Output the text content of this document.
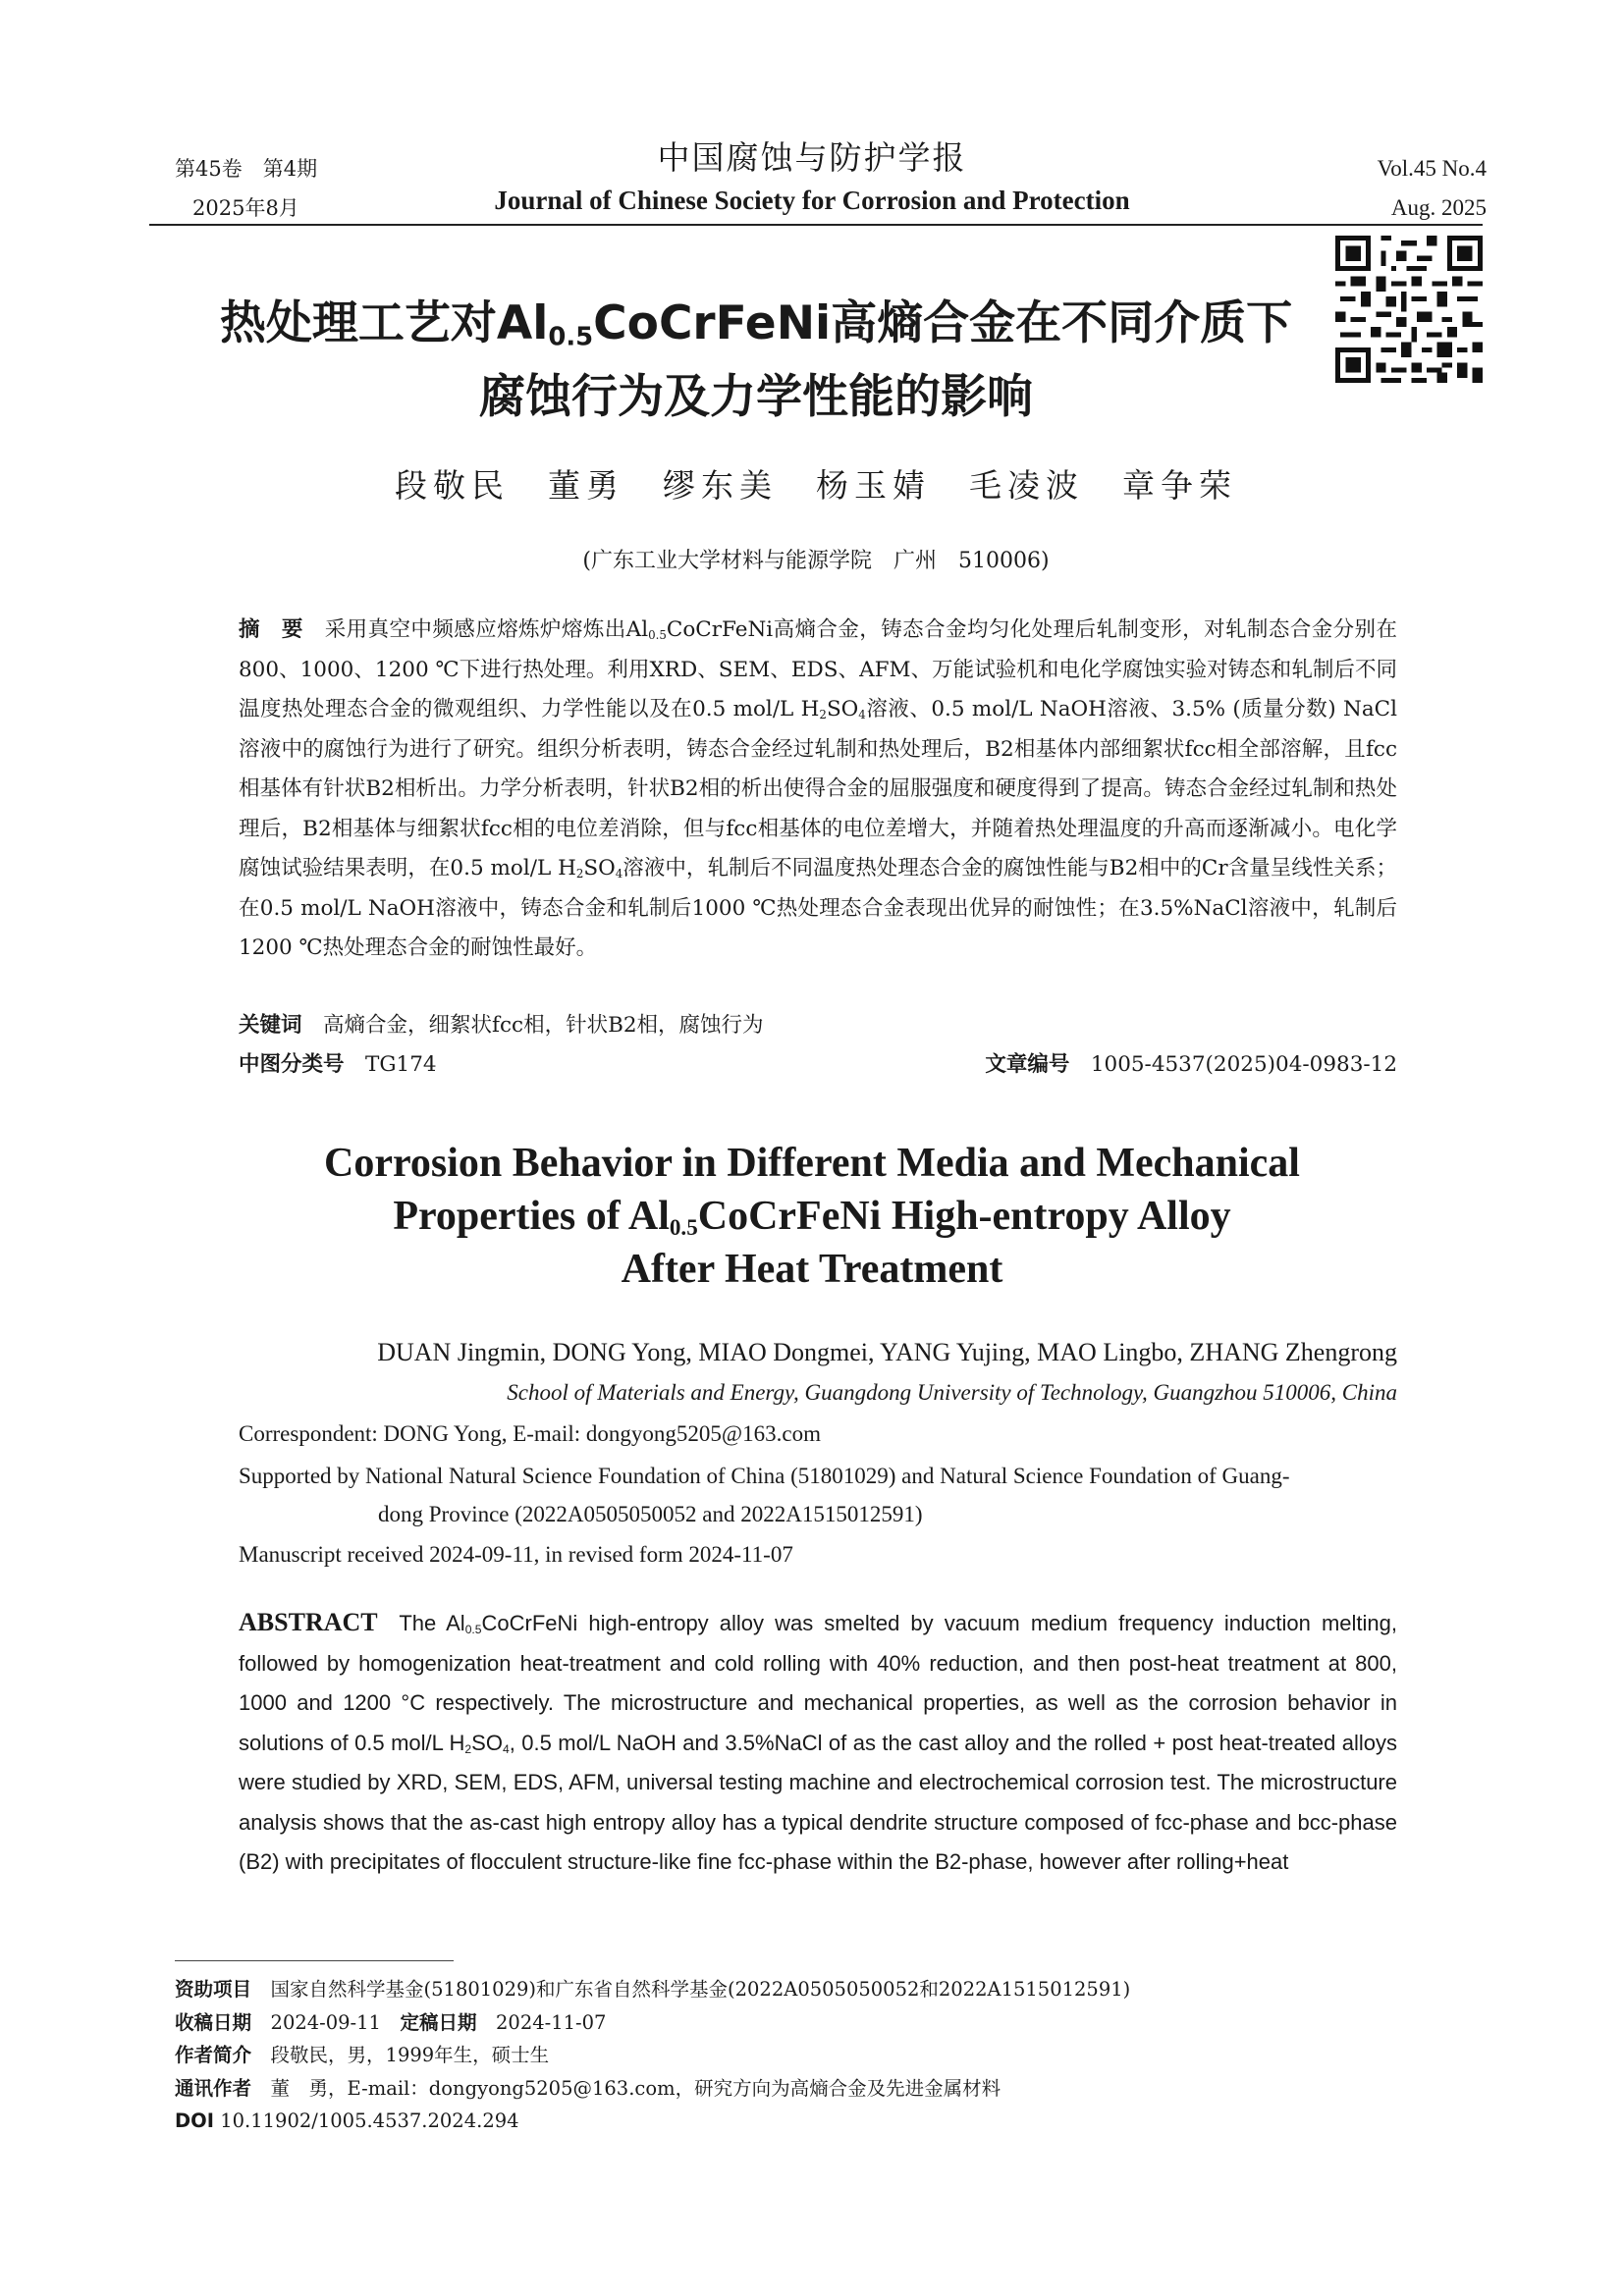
第45卷　第4期
2025年8月
中国腐蚀与防护学报
Journal of Chinese Society for Corrosion and Protection
Vol.45 No.4
Aug. 2025
热处理工艺对$Al_{0.5}CoCrFeNi$高熵合金在不同介质下
腐蚀行为及力学性能的影响
段敬民　董勇　缪东美　杨玉婧　毛凌波　章争荣
(广东工业大学材料与能源学院　广州　510006)

摘　要　 采用真空中频感应熔炼炉熔炼出$Al_{0.5}CoCrFeNi$高熵合金，铸态合金均匀化处理后轧制变形，对轧制态合金分别在800、1000、1200 ℃下进行热处理。利用XRD、SEM、EDS、AFM、万能试验机和电化学腐蚀实验对铸态和轧制后不同温度热处理态合金的微观组织、力学性能以及在0.5 mol/L $H_2SO_4$溶液、0.5 mol/L NaOH溶液、3.5% (质量分数) NaCl溶液中的腐蚀行为进行了研究。组织分析表明，铸态合金经过轧制和热处理后，B2相基体内部细絮状fcc相全部溶解，且fcc相基体有针状B2相析出。力学分析表明，针状B2相的析出使得合金的屈服强度和硬度得到了提高。铸态合金经过轧制和热处理后，B2相基体与细絮状fcc相的电位差消除，但与fcc相基体的电位差增大，并随着热处理温度的升高而逐渐减小。电化学腐蚀试验结果表明，在0.5 mol/L $H_2SO_4$溶液中，轧制后不同温度热处理态合金的腐蚀性能与B2相中的Cr含量呈线性关系；在0.5 mol/L NaOH溶液中，铸态合金和轧制后1000 ℃热处理态合金表现出优异的耐蚀性；在3.5%NaCl溶液中，轧制后1200 ℃热处理态合金的耐蚀性最好。

关键词　 高熵合金，细絮状fcc相，针状B2相，腐蚀行为
中图分类号　 TG174	文章编号　 1005-4537(2025)04-0983-12
Corrosion Behavior in Different Media and Mechanical
Properties of $Al_{0.5}CoCrFeNi$ High-entropy Alloy
After Heat Treatment
DUAN Jingmin, DONG Yong, MIAO Dongmei, YANG Yujing, MAO Lingbo, ZHANG Zhengrong
School of Materials and Energy, Guangdong University of Technology, Guangzhou 510006, China
Correspondent: DONG Yong, E-mail: dongyong5205@163.com
Supported by National Natural Science Foundation of China (51801029) and Natural Science Foundation of Guang-
dong Province (2022A0505050052 and 2022A1515012591)
Manuscript received 2024-09-11, in revised form 2024-11-07
ABSTRACT The $Al_{0.5}CoCrFeNi$ high-entropy alloy was smelted by vacuum medium frequency induction melting, followed by homogenization heat-treatment and cold rolling with 40% reduction, and then post-heat treatment at 800, 1000 and 1200 °C respectively. The microstructure and mechanical properties, as well as the corrosion behavior in solutions of 0.5 mol/L $H_2SO_4$, 0.5 mol/L NaOH and 3.5%NaCl of as the cast alloy and the rolled + post heat-treated alloys were studied by XRD, SEM, EDS, AFM, universal testing machine and electrochemical corrosion test. The microstructure analysis shows that the as-cast high entropy alloy has a typical dendrite structure composed of fcc-phase and bcc-phase (B2) with precipitates of flocculent structure-like fine fcc-phase within the B2-phase, however after rolling+heat
资助项目　 国家自然科学基金(51801029)和广东省自然科学基金(2022A0505050052和2022A1515012591)
收稿日期　 2024-09-11　 定稿日期　 2024-11-07
作者简介　 段敬民，男，1999年生，硕士生
通讯作者　 董　勇，E-mail：dongyong5205@163.com，研究方向为高熵合金及先进金属材料
DOI 10.11902/1005.4537.2024.294
